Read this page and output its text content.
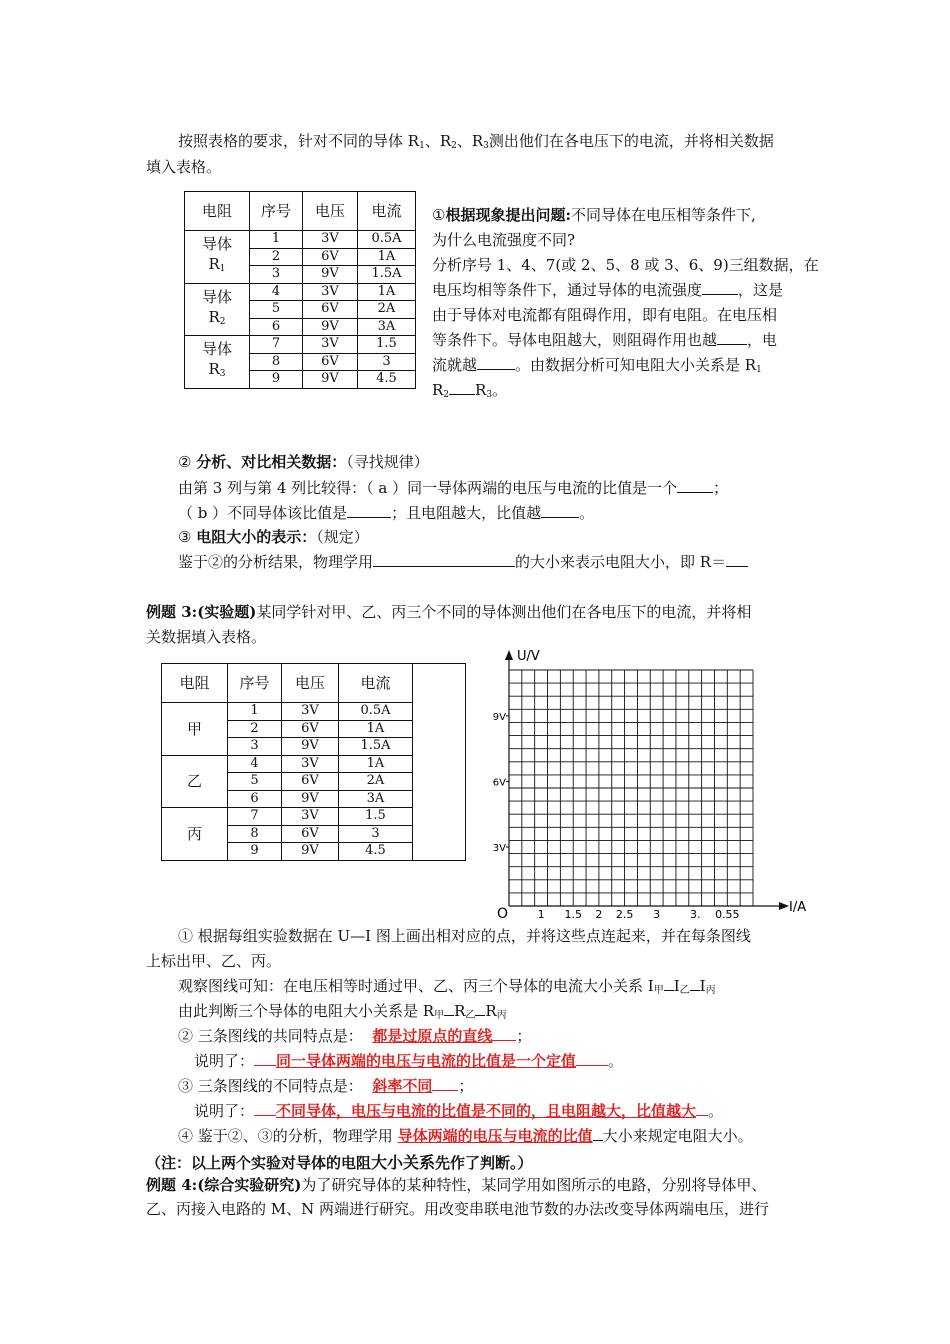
按照表格的要求，针对不同的导体 $R_1$、$R_2$、$R_3$测出他们在各电压下的电流，并将相关数据
填入表格。
电阻	序号	电压	电流
导体
$R_1$	1	3V	0.5A
	2	6V	1A
	3	9V	1.5A
导体
$R_2$	4	3V	1A
	5	6V	2A
	6	9V	3A
导体
$R_3$	7	3V	1.5
	8	6V	3
	9	9V	4.5
①根据现象提出问题:不同导体在电压相等条件下,
为什么电流强度不同?
分析序号 1、4、7(或 2、5、8 或 3、6、9)三组数据，在
电压均相等条件下，通过导体的电流强度 ，这是
由于导体对电流都有阻碍作用，即有电阻。在电压相
等条件下。导体电阻越大，则阻碍作用也越 ，电
流就越	。由数据分析可知电阻大小关系是 $R_1$
$R_2$ $R_3$。
② 分析、对比相关数据：（寻找规律）
由第 3 列与第 4 列比较得：（ a ）同一导体两端的电压与电流的比值是一个 ；
（ b ）不同导体该比值是	；且电阻越大，比值越	。
③ 电阻大小的表示：（规定）
鉴于②的分析结果，物理学用	的大小来表示电阻大小，即 R＝
例题 3:(实验题)某同学针对甲、乙、丙三个不同的导体测出他们在各电压下的电流，并将相
关数据填入表格。
电阻	序号	电压	电流	
甲	1	3V	0.5A	
	2	6V	1A	
	3	9V	1.5A	
乙	4	3V	1A	
	5	6V	2A	
	6	9V	3A	
丙	7	3V	1.5	
	8	6V	3	
	9	9V	4.5	
U/V
I/A
O
3V
6V
9V
1 1.5 2 2.5 3	3. 0.55
① 根据每组实验数据在 U—I 图上画出相对应的点，并将这些点连起来，并在每条图线
上标出甲、乙、丙。
观察图线可知：在电压相等时通过甲、乙、丙三个导体的电流大小关系 $I_甲$ $I_乙$ $I_丙$
由此判断三个导体的电阻大小关系是 $R_甲$ $R_乙$ $R_丙$
② 三条图线的共同特点是： 都是过原点的直线 ；
说明了： 同一导体两端的电压与电流的比值是一个定值 。
③ 三条图线的不同特点是： 斜率不同 ；
说明了： 不同导体，电压与电流的比值是不同的，且电阻越大，比值越大 。
④ 鉴于②、③的分析，物理学用 导体两端的电压与电流的比值 大小来规定电阻大小。
（注：以上两个实验对导体的电阻大小关系先作了判断。）
例题 4:(综合实验研究)为了研究导体的某种特性，某同学用如图所示的电路，分别将导体甲、
乙、丙接入电路的 M、N 两端进行研究。用改变串联电池节数的办法改变导体两端电压，进行
